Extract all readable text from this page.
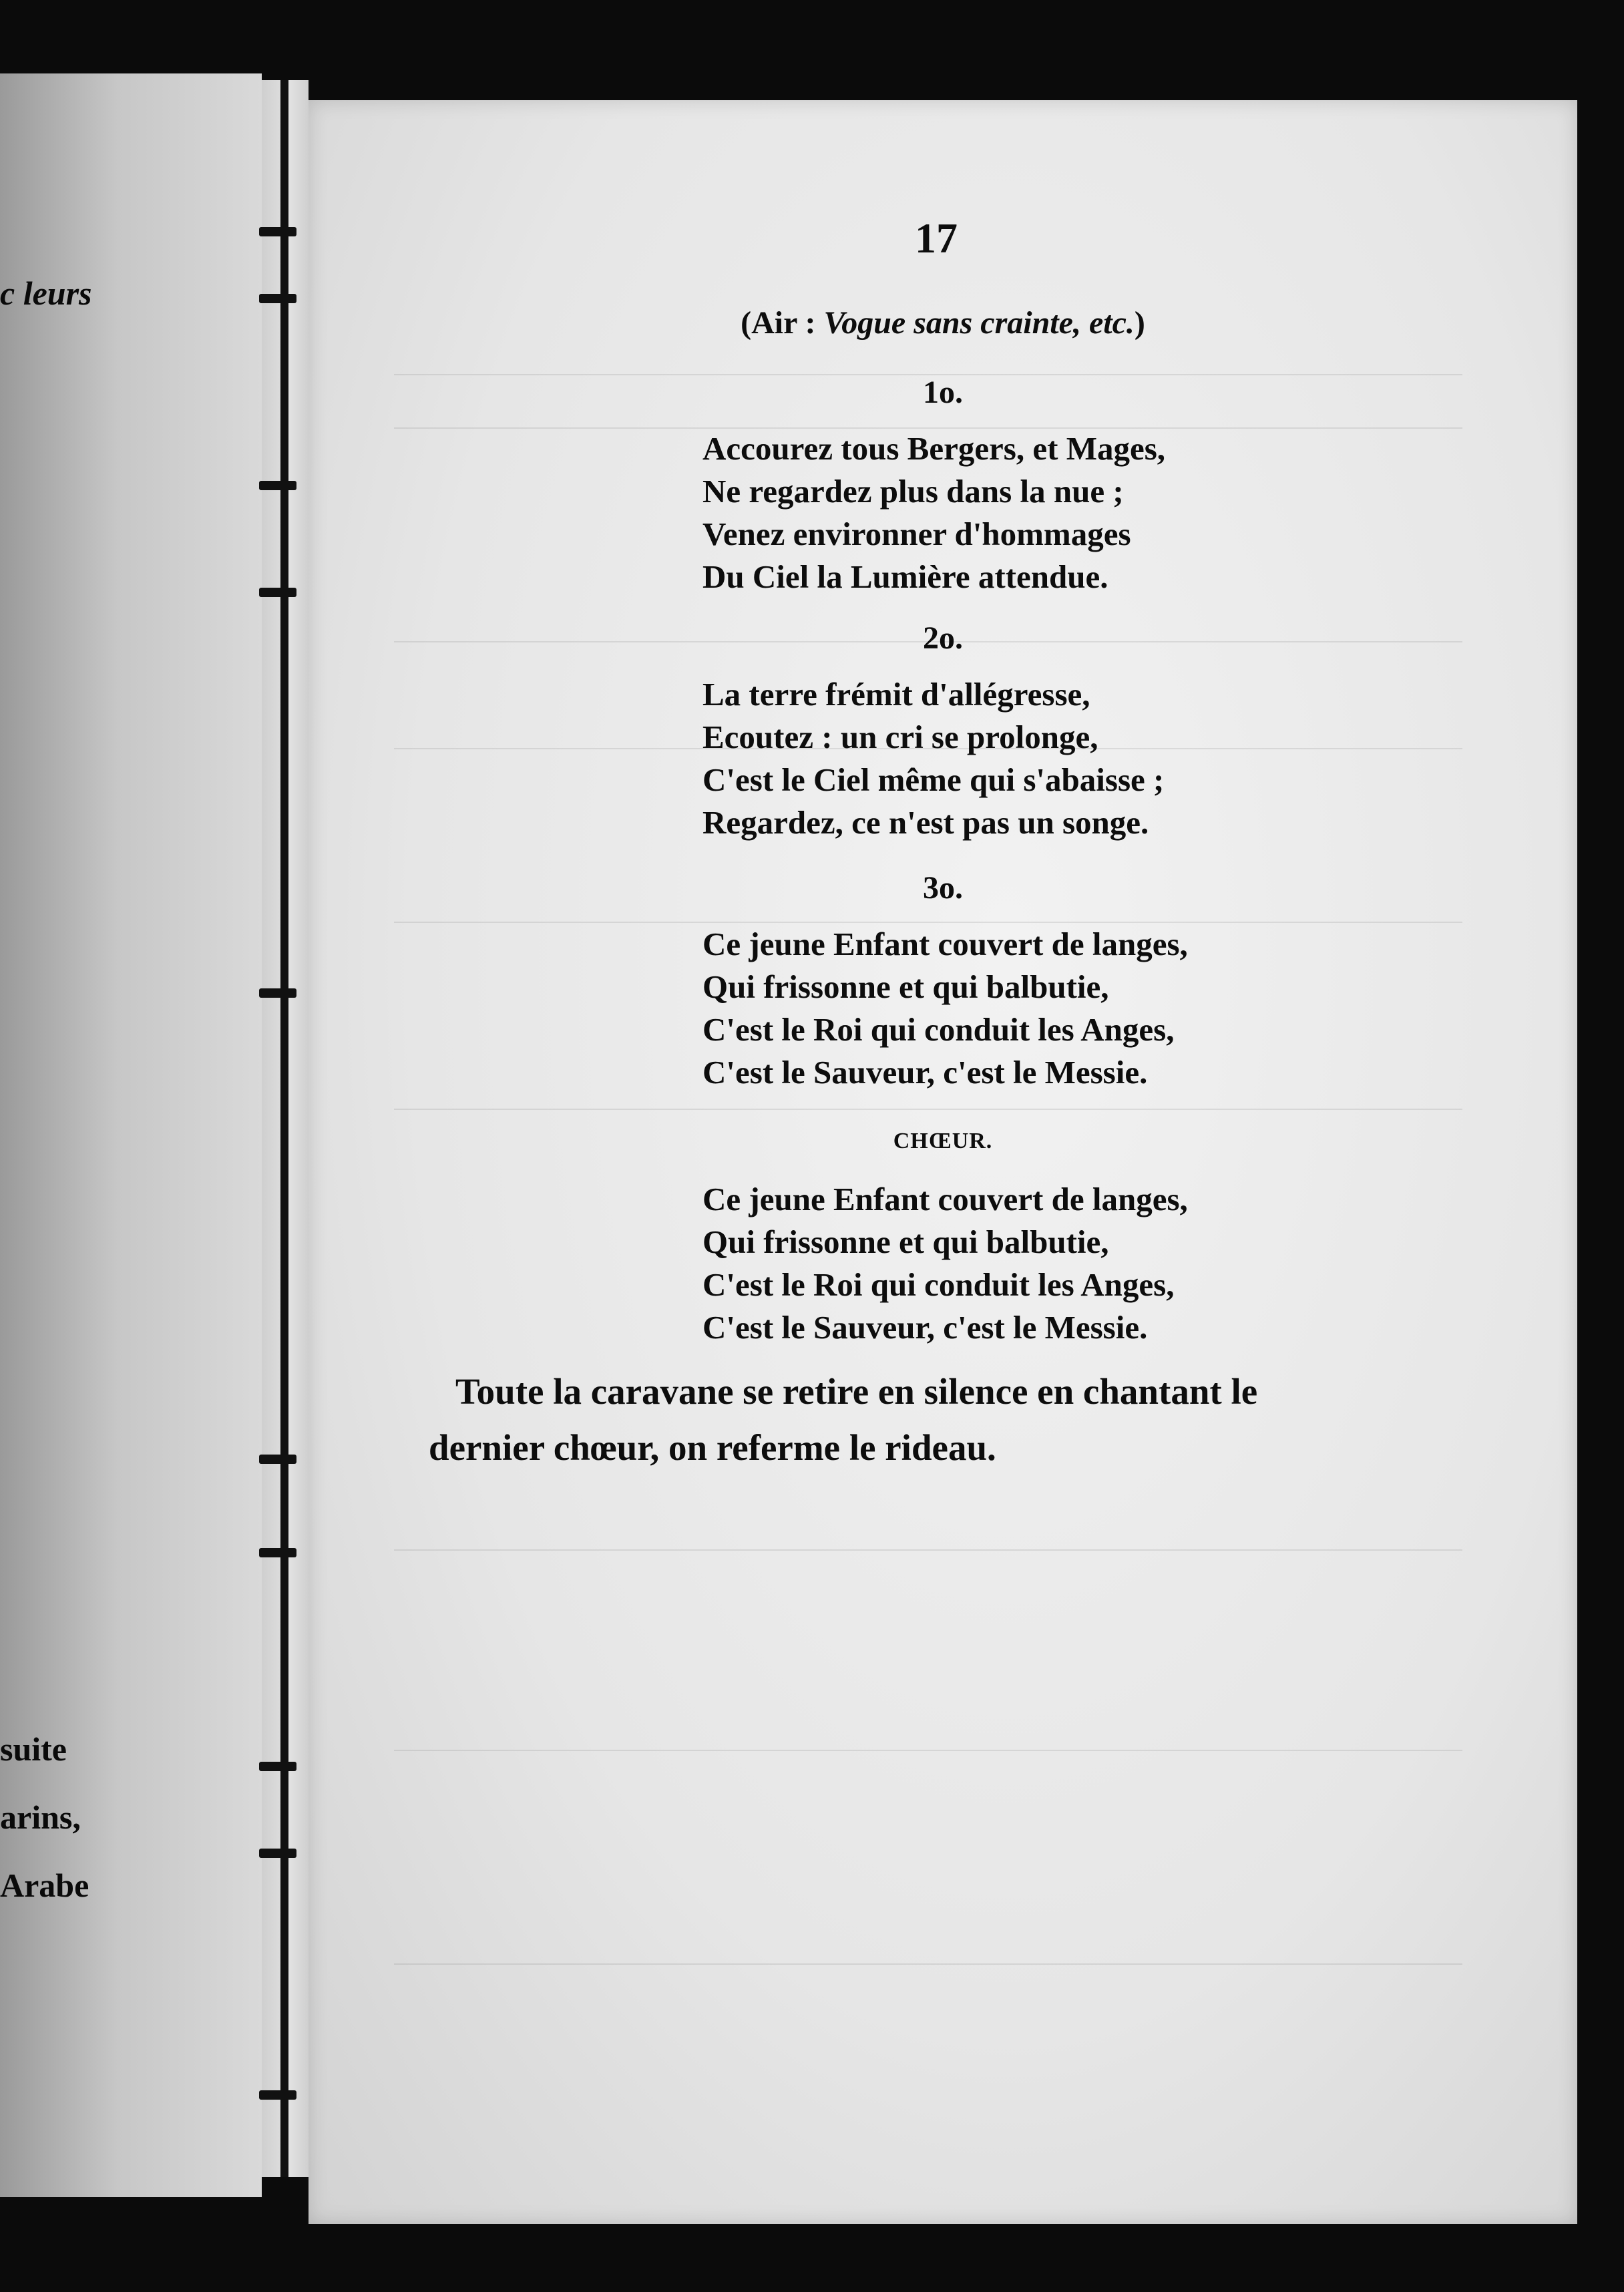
c leurs
suite
arins,
Arabe
17
(Air : Vogue sans crainte, etc.)
1o.
Accourez tous Bergers, et Mages,
Ne regardez plus dans la nue ;
Venez environner d'hommages
Du Ciel la Lumière attendue.
2o.
La terre frémit d'allégresse,
Ecoutez : un cri se prolonge,
C'est le Ciel même qui s'abaisse ;
Regardez, ce n'est pas un songe.
3o.
Ce jeune Enfant couvert de langes,
Qui frissonne et qui balbutie,
C'est le Roi qui conduit les Anges,
C'est le Sauveur, c'est le Messie.
CHŒUR.
Ce jeune Enfant couvert de langes,
Qui frissonne et qui balbutie,
C'est le Roi qui conduit les Anges,
C'est le Sauveur, c'est le Messie.
Toute la caravane se retire en silence en chantant le
dernier chœur, on referme le rideau.
